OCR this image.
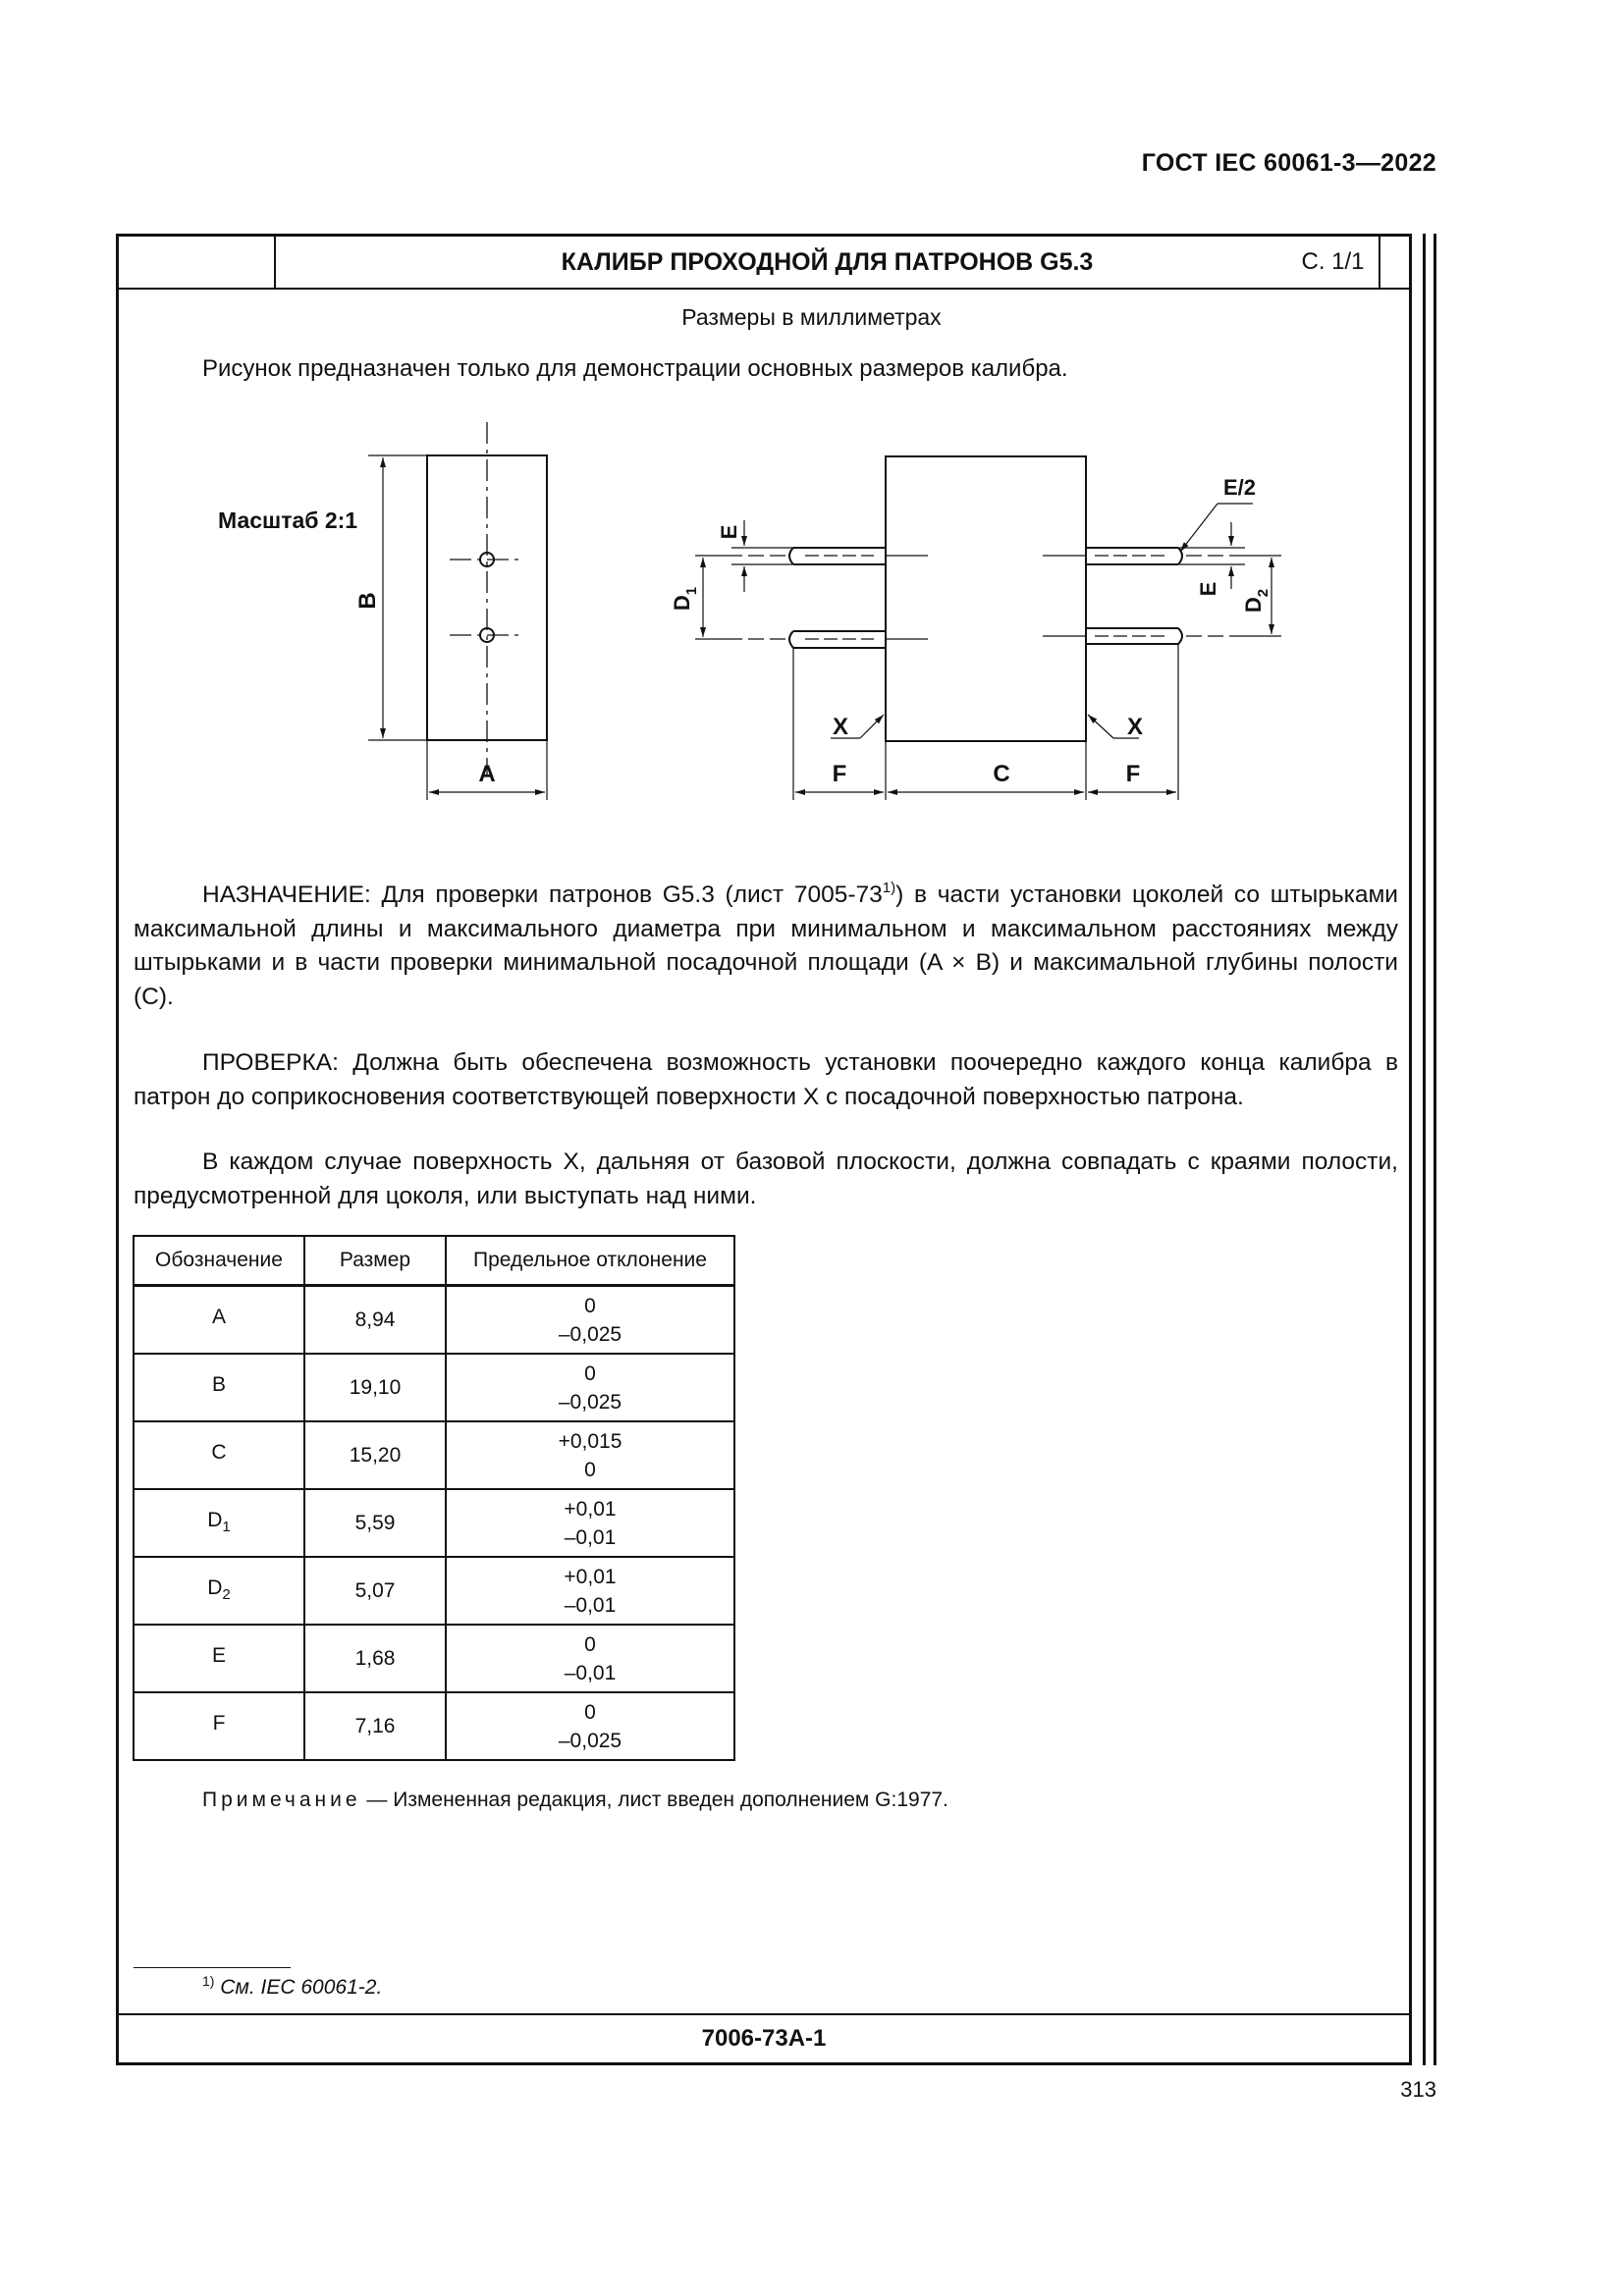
ГОСТ IEC 60061-3—2022
КАЛИБР ПРОХОДНОЙ ДЛЯ ПАТРОНОВ G5.3	С. 1/1
7006-73A-1
Размеры в миллиметрах
Рисунок предназначен только для демонстрации основных размеров калибра.
Масштаб 2:1
B
A
E
$D_1$
E/2
E
$D_2$
X	X
F	C	F

НАЗНАЧЕНИЕ: Для проверки патронов G5.3 (лист 7005-73$^{1)}$) в части установки цоколей со штырьками максимальной длины и максимального диаметра при минимальном и максимальном расстояниях между штырьками и в части проверки минимальной посадочной площади (A × B) и максимальной глубины полости (C).

ПРОВЕРКА: Должна быть обеспечена возможность установки поочередно каждого конца калибра в патрон до соприкосновения соответствующей поверхности X с посадочной поверхностью патрона.

В каждом случае поверхность X, дальняя от базовой плоскости, должна совпадать с краями полости, предусмотренной для цоколя, или выступать над ними.

Обозначение	Размер	Предельное отклонение
A	8,94	0
–0,025

B	19,10	0
–0,025

C	15,20	+0,015
0

$D_1$	5,59	+0,01
–0,01

$D_2$	5,07	+0,01
–0,01

E	1,68	0
–0,01

F	7,16	0
–0,025
Примечание — Измененная редакция, лист введен дополнением G:1977.
$^{1)}$ См. IEC 60061-2.
313
